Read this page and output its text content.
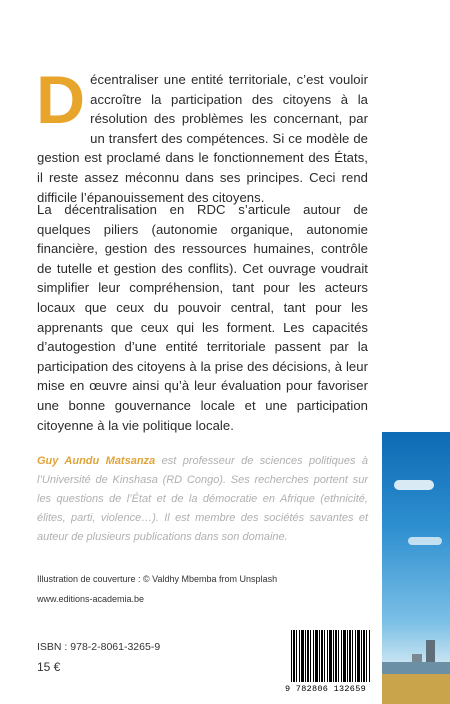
Décentraliser une entité territoriale, c’est vouloir accroître la participation des citoyens à la résolution des problèmes les concernant, par un transfert des compétences. Si ce modèle de gestion est proclamé dans le fonctionnement des États, il reste assez méconnu dans ses principes. Ceci rend difficile l’épanouissement des citoyens.
La décentralisation en RDC s’articule autour de quelques piliers (autonomie organique, autonomie financière, gestion des ressources humaines, contrôle de tutelle et gestion des conflits). Cet ouvrage voudrait simplifier leur compréhension, tant pour les acteurs locaux que ceux du pouvoir central, tant pour les apprenants que ceux qui les forment. Les capacités d’autogestion d’une entité territoriale passent par la participation des citoyens à la prise des décisions, à leur mise en œuvre ainsi qu’à leur évaluation pour favoriser une bonne gouvernance locale et une participation citoyenne à la vie politique locale.
Guy Aundu Matsanza est professeur de sciences politiques à l’Université de Kinshasa (RD Congo). Ses recherches portent sur les questions de l’État et de la démocratie en Afrique (ethnicité, élites, parti, violence…). Il est membre des sociétés savantes et auteur de plusieurs publications dans son domaine.
Illustration de couverture : © Valdhy Mbemba from Unsplash
www.editions-academia.be
ISBN : 978-2-8061-3265-9
15 €
9 782806 132659
